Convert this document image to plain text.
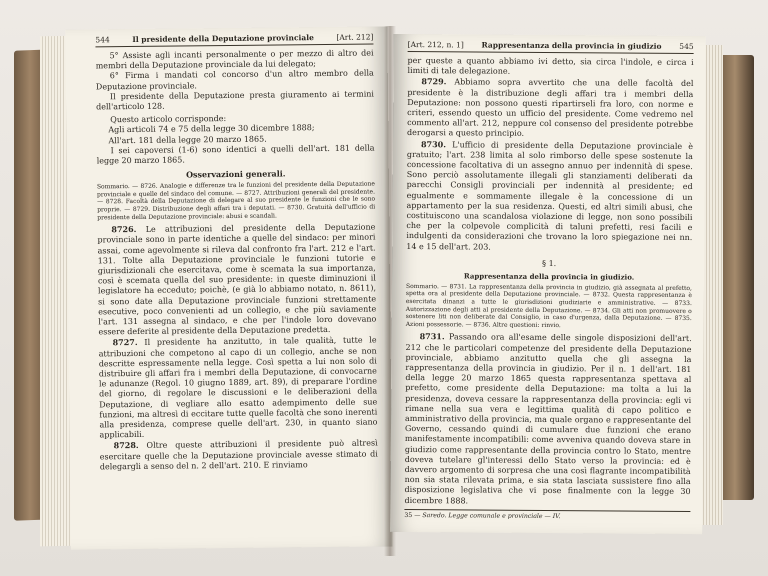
544	Il presidente della Deputazione provinciale	[Art. 212]

5° Assiste agli incanti personalmente o per mezzo di altro dei membri della Deputazione provinciale da lui delegato;

6° Firma i mandati col concorso d'un altro membro della Deputazione provinciale.

Il presidente della Deputazione presta giuramento ai termini dell'articolo 128.

Questo articolo corrisponde:

Agli articoli 74 e 75 della legge 30 dicembre 1888;

All'art. 181 della legge 20 marzo 1865.

I sei capoversi (1-6) sono identici a quelli dell'art. 181 della legge 20 marzo 1865.

Osservazioni generali.

Sommario. — 8726. Analogie e differenze tra le funzioni del presidente della Deputazione provinciale e quelle del sindaco del comune. — 8727. Attribuzioni generali del presidente. — 8728. Facoltà della Deputazione di delegare al suo presidente le funzioni che le sono proprie. — 8729. Distribuzione degli affari tra i deputati. — 8730. Gratuità dell'ufficio di presidente della Deputazione provinciale: abusi e scandali.

8726. Le attribuzioni del presidente della Deputazione provinciale sono in parte identiche a quelle del sindaco: per minori assai, come agevolmente si rileva dal confronto fra l'art. 212 e l'art. 131. Tolte alla Deputazione provinciale le funzioni tutorie e giurisdizionali che esercitava, come è scemata la sua importanza, così è scemata quella del suo presidente: in queste diminuzioni il legislatore ha ecceduto; poichè, (e già lo abbiamo notato, n. 8611), si sono date alla Deputazione provinciale funzioni strettamente esecutive, poco convenienti ad un collegio, e che più saviamente l'art. 131 assegna al sindaco, e che per l'indole loro dovevano essere deferite al presidente della Deputazione predetta.

8727. Il presidente ha anzitutto, in tale qualità, tutte le attribuzioni che competono al capo di un collegio, anche se non descritte espressamente nella legge. Così spetta a lui non solo di distribuire gli affari fra i membri della Deputazione, di convocarne le adunanze (Regol. 10 giugno 1889, art. 89), di preparare l'ordine del giorno, di regolare le discussioni e le deliberazioni della Deputazione, di vegliare allo esatto adempimento delle sue funzioni, ma altresì di eccitare tutte quelle facoltà che sono inerenti alla presidenza, comprese quelle dell'art. 230, in quanto siano applicabili.

8728. Oltre queste attribuzioni il presidente può altresì esercitare quelle che la Deputazione provinciale avesse stimato di delegargli a senso del n. 2 dell'art. 210. E rinviamo

[Art. 212, n. 1] Rappresentanza della provincia in giudizio 545

per queste a quanto abbiamo ivi detto, sia circa l'indole, e circa i limiti di tale delegazione.

8729. Abbiamo sopra avvertito che una delle facoltà del presidente è la distribuzione degli affari tra i membri della Deputazione: non possono questi ripartirseli fra loro, con norme e criteri, essendo questo un ufficio del presidente. Come vedremo nel commento all'art. 212, neppure col consenso del presidente potrebbe derogarsi a questo principio.

8730. L'ufficio di presidente della Deputazione provinciale è gratuito; l'art. 238 limita al solo rimborso delle spese sostenute la concessione facoltativa di un assegno annuo per indennità di spese. Sono perciò assolutamente illegali gli stanziamenti deliberati da parecchi Consigli provinciali per indennità al presidente; ed egualmente e sommamente illegale è la concessione di un appartamento per la sua residenza. Questi, ed altri simili abusi, che costituiscono una scandalosa violazione di legge, non sono possibili che per la colpevole complicità di taluni prefetti, resi facili e indulgenti da considerazioni che trovano la loro spiegazione nei nn. 14 e 15 dell'art. 203.

§ 1.
Rappresentanza della provincia in giudizio.

Sommario. — 8731. La rappresentanza della provincia in giudizio, già assegnata al prefetto, spetta ora al presidente della Deputazione provinciale. — 8732. Questa rappresentanza è esercitata dinanzi a tutte le giurisdizioni giudiziarie e amministrative. — 8733. Autorizzazione degli atti al presidente della Deputazione. — 8734. Gli atti non promuovere o sostenere liti non deliberate dal Consiglio, in caso d'urgenza, dalla Deputazione. — 8735. Azioni possessorie. — 8736. Altre questioni: rinvio.

8731. Passando ora all'esame delle singole disposizioni dell'art. 212 che le particolari competenze del presidente della Deputazione provinciale, abbiamo anzitutto quella che gli assegna la rappresentanza della provincia in giudizio. Per il n. 1 dell'art. 181 della legge 20 marzo 1865 questa rappresentanza spettava al prefetto, come presidente della Deputazione: ma tolta a lui la presidenza, doveva cessare la rappresentanza della provincia: egli vi rimane nella sua vera e legittima qualità di capo politico e amministrativo della provincia, ma quale organo e rappresentante del Governo, cessando quindi di cumulare due funzioni che erano manifestamente incompatibili: come avveniva quando doveva stare in giudizio come rappresentante della provincia contro lo Stato, mentre doveva tutelare gl'interessi dello Stato verso la provincia: ed è davvero argomento di sorpresa che una così flagrante incompatibilità non sia stata rilevata prima, e sia stata lasciata sussistere fino alla disposizione legislativa che vi pose finalmente con la legge 30 dicembre 1888.

35 — Saredo. Legge comunale e provinciale — IV.
